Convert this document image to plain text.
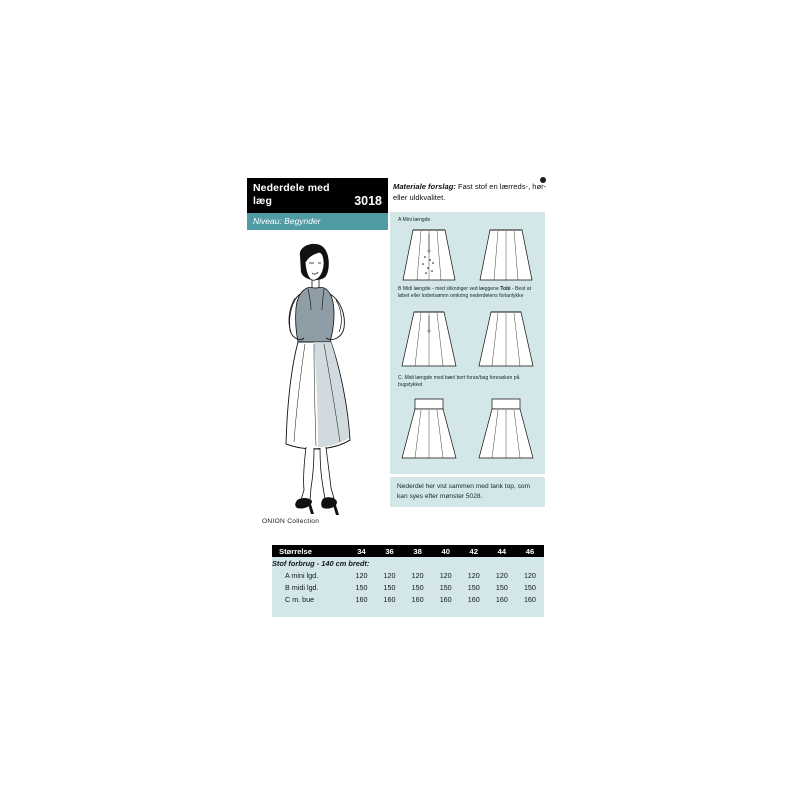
Nederdele med læg	3018
Niveau: Begynder
Materiale forslag: Fast stof en lærreds-, hør- eller uldkvalitet.
A Mini længde
B Midi længde - med slikninger ved læggene Tobi - Best at løbet eller lodretsømm omkring nederdelens forlanlykke
C. Midi længde med bærl bort foran/bag foresøken på bugstykket
Nederdel her vist sammen med tank top, som kan syes efter mønster 5028.
ONION Collection
Størrelse	34	36	38	40	42	44	46
Stof forbrug - 140 cm bredt:							
A mini lgd.	120	120	120	120	120	120	120
B midi lgd.	150	150	150	150	150	150	150
C m. bue	160	160	160	160	160	160	160
